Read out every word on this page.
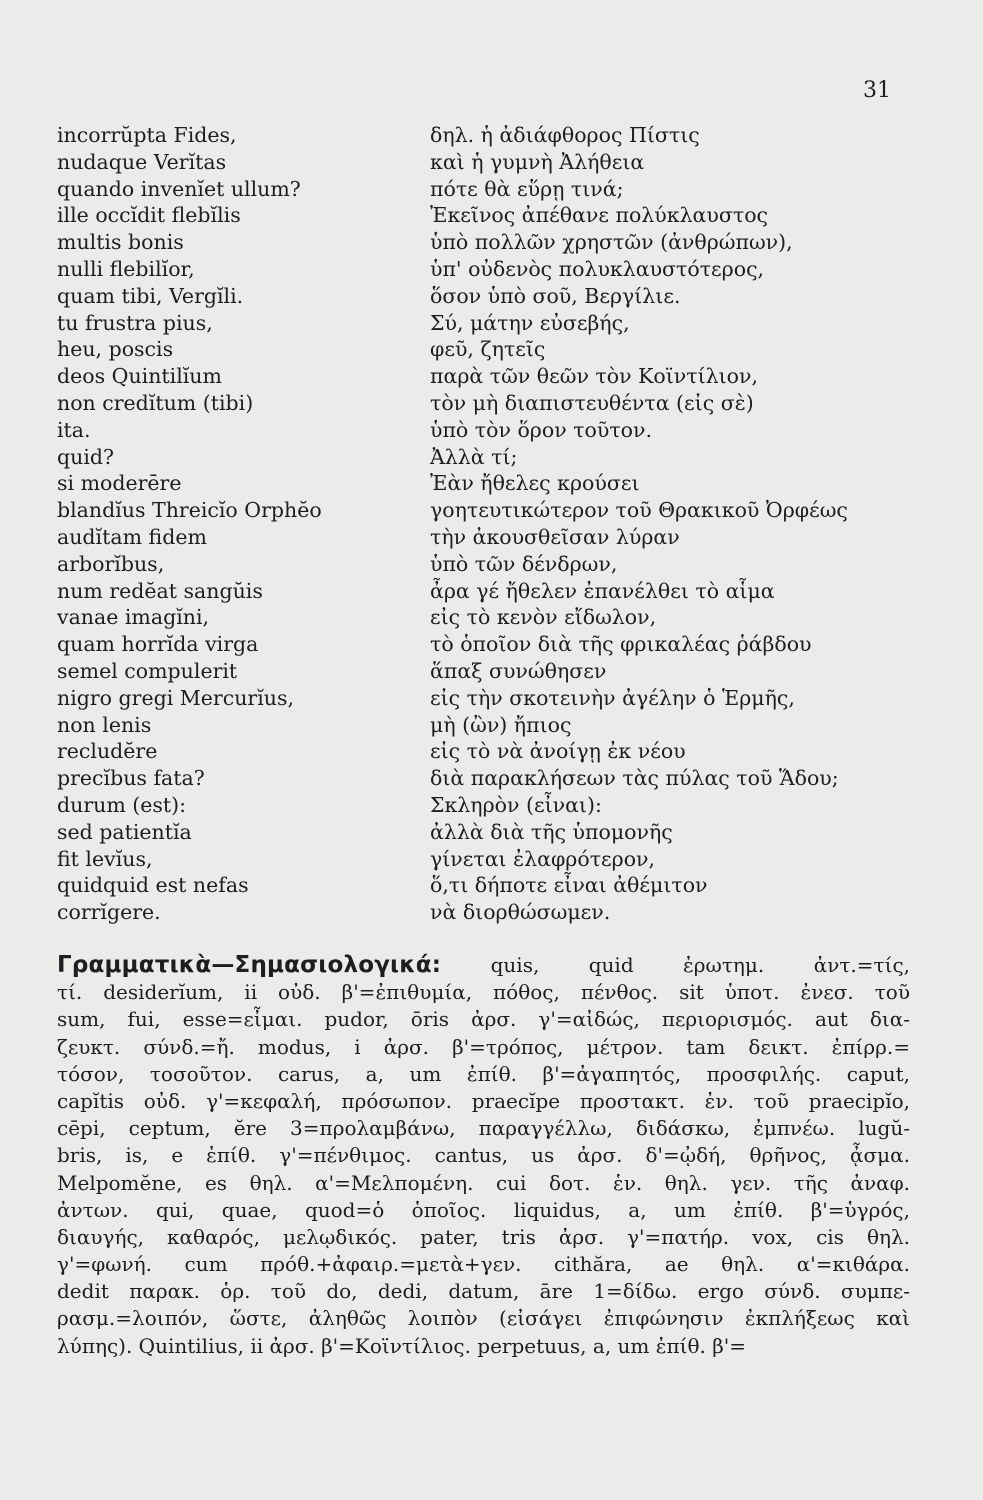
31
incorrŭpta Fides,
nudaque Verĭtas
quando invenĭet ullum?
ille occĭdit flebĭlis
multis bonis
nulli flebilĭor,
quam tibi, Vergĭli.
tu frustra pius,
heu, poscis
deos Quintilĭum
non credĭtum (tibi)
ita.
quid?
si moderēre
blandĭus Threicĭo Orphĕo
audĭtam fidem
arborĭbus,
num redĕat sangŭis
vanae imagĭni,
quam horrĭda virga
semel compulerit
nigro gregi Mercurĭus,
non lenis
recludĕre
precĭbus fata?
durum (est):
sed patientĭa
fit levĭus,
quidquid est nefas
corrĭgere.
δηλ. ἡ ἀδιάφθορος Πίστις
καὶ ἡ γυμνὴ Ἀλήθεια
πότε θὰ εὕρῃ τινά;
Ἐκεῖνος ἀπέθανε πολύκλαυστος
ὑπὸ πολλῶν χρηστῶν (ἀνθρώπων),
ὑπ' οὐδενὸς πολυκλαυστότερος,
ὅσον ὑπὸ σοῦ, Βεργίλιε.
Σύ, μάτην εὐσεβής,
φεῦ, ζητεῖς
παρὰ τῶν θεῶν τὸν Κοϊντίλιον,
τὸν μὴ διαπιστευθέντα (εἰς σὲ)
ὑπὸ τὸν ὅρον τοῦτον.
Ἀλλὰ τί;
Ἐὰν ἤθελες κρούσει
γοητευτικώτερον τοῦ Θρακικοῦ Ὀρφέως
τὴν ἀκουσθεῖσαν λύραν
ὑπὸ τῶν δένδρων,
ἆρα γέ ἤθελεν ἐπανέλθει τὸ αἷμα
εἰς τὸ κενὸν εἴδωλον,
τὸ ὁποῖον διὰ τῆς φρικαλέας ῥάβδου
ἅπαξ συνώθησεν
εἰς τὴν σκοτεινὴν ἀγέλην ὁ Ἑρμῆς,
μὴ (ὢν) ἤπιος
εἰς τὸ νὰ ἀνοίγῃ ἐκ νέου
διὰ παρακλήσεων τὰς πύλας τοῦ Ἅδου;
Σκληρὸν (εἶναι):
ἀλλὰ διὰ τῆς ὑπομονῆς
γίνεται ἐλαφρότερον,
ὅ,τι δήποτε εἶναι ἀθέμιτον
νὰ διορθώσωμεν.
Γραμματικὰ—Σημασιολογικά: quis, quid ἐρωτημ. ἀντ.=τίς,
τί. desiderĭum, ii οὐδ. β'=ἐπιθυμία, πόθος, πένθος. sit ὑποτ. ἐνεσ. τοῦ
sum, fui, esse=εἶμαι. pudor, ōris ἀρσ. γ'=αἰδώς, περιορισμός. aut δια-
ζευκτ. σύνδ.=ἤ. modus, i ἀρσ. β'=τρόπος, μέτρον. tam δεικτ. ἐπίρρ.=
τόσον, τοσοῦτον. carus, a, um ἐπίθ. β'=ἀγαπητός, προσφιλής. caput,
capĭtis οὐδ. γ'=κεφαλή, πρόσωπον. praecĭpe προστακτ. ἐν. τοῦ praecipĭo,
cēpi, ceptum, ĕre 3=προλαμβάνω, παραγγέλλω, διδάσκω, ἐμπνέω. lugŭ-
bris, is, e ἐπίθ. γ'=πένθιμος. cantus, us ἀρσ. δ'=ᾠδή, θρῆνος, ᾆσμα.
Melpomĕne, es θηλ. α'=Μελπομένη. cui δοτ. ἑν. θηλ. γεν. τῆς ἀναφ.
ἀντων. qui, quae, quod=ὁ ὁποῖος. liquidus, a, um ἐπίθ. β'=ὑγρός,
διαυγής, καθαρός, μελῳδικός. pater, tris ἀρσ. γ'=πατήρ. vox, cis θηλ.
γ'=φωνή. cum πρόθ.+ἀφαιρ.=μετὰ+γεν. cithăra, ae θηλ. α'=κιθάρα.
dedit παρακ. ὁρ. τοῦ do, dedi, datum, āre 1=δίδω. ergo σύνδ. συμπε-
ρασμ.=λοιπόν, ὥστε, ἀληθῶς λοιπὸν (εἰσάγει ἐπιφώνησιν ἐκπλήξεως καὶ
λύπης). Quintilius, ii ἀρσ. β'=Κοϊντίλιος. perpetuus, a, um ἐπίθ. β'=
